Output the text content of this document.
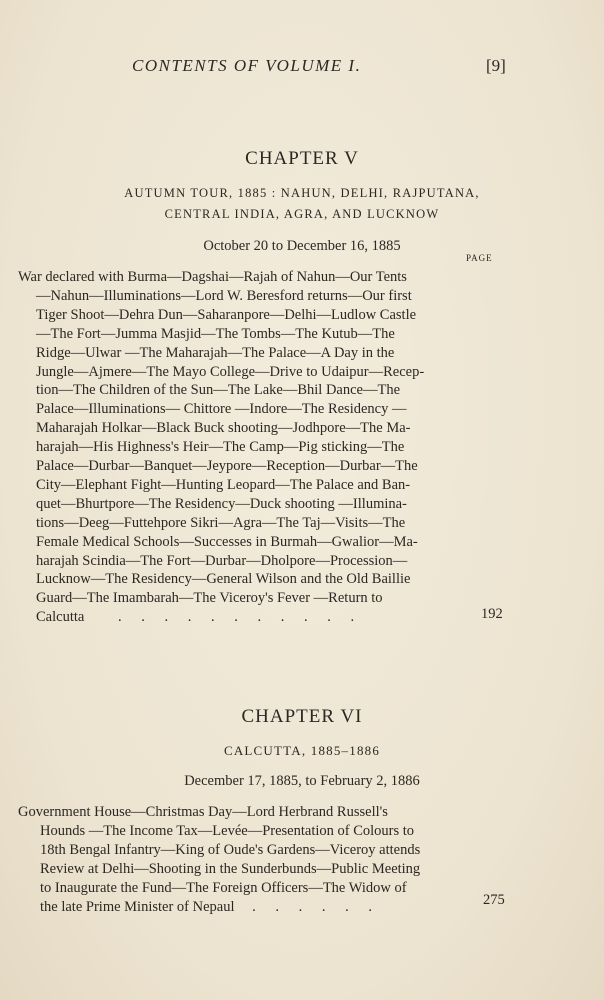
CONTENTS OF VOLUME I.	[9]
CHAPTER V
AUTUMN TOUR, 1885 : NAHUN, DELHI, RAJPUTANA,
CENTRAL INDIA, AGRA, AND LUCKNOW
October 20 to December 16, 1885
PAGE
War declared with Burma—Dagshai—Rajah of Nahun—Our Tents
—Nahun—Illuminations—Lord W. Beresford returns—Our first
Tiger Shoot—Dehra Dun—Saharanpore—Delhi—Ludlow Castle
—The Fort—Jumma Masjid—The Tombs—The Kutub—The
Ridge—Ulwar —The Maharajah—The Palace—A Day in the
Jungle—Ajmere—The Mayo College—Drive to Udaipur—Recep-
tion—The Children of the Sun—The Lake—Bhil Dance—The
Palace—Illuminations— Chittore —Indore—The Residency —
Maharajah Holkar—Black Buck shooting—Jodhpore—The Ma-
harajah—His Highness's Heir—The Camp—Pig sticking—The
Palace—Durbar—Banquet—Jeypore—Reception—Durbar—The
City—Elephant Fight—Hunting Leopard—The Palace and Ban-
quet—Bhurtpore—The Residency—Duck shooting —Illumina-
tions—Deeg—Futtehpore Sikri—Agra—The Taj—Visits—The
Female Medical Schools—Successes in Burmah—Gwalior—Ma-
harajah Scindia—The Fort—Durbar—Dholpore—Procession—
Lucknow—The Residency—General Wilson and the Old Baillie
Guard—The Imambarah—The Viceroy's Fever —Return to
Calcutta . . . . . . . . . . .	192
CHAPTER VI
CALCUTTA, 1885–1886
December 17, 1885, to February 2, 1886
Government House—Christmas Day—Lord Herbrand Russell's
Hounds —The Income Tax—Levée—Presentation of Colours to
18th Bengal Infantry—King of Oude's Gardens—Viceroy attends
Review at Delhi—Shooting in the Sunderbunds—Public Meeting
to Inaugurate the Fund—The Foreign Officers—The Widow of
the late Prime Minister of Nepaul . . . . . .	275
